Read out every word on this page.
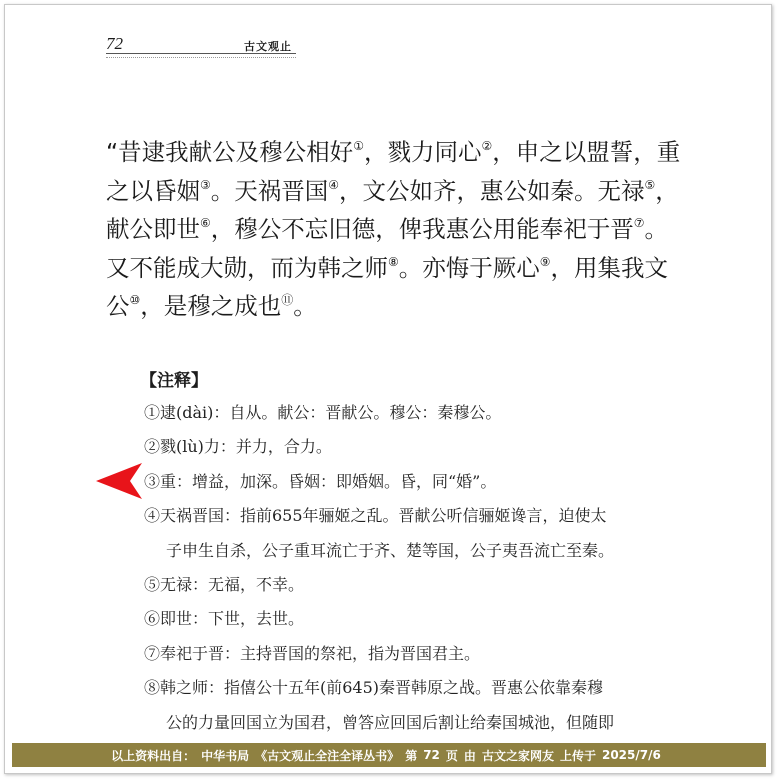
72	古文观止

“昔逮我献公及穆公相好①，戮力同心②，申之以盟誓，重之以昏姻③。天祸晋国④，文公如齐，惠公如秦。无禄⑤，献公即世⑥，穆公不忘旧德，俾我惠公用能奉祀于晋⑦。又不能成大勋，而为韩之师⑧。亦悔于厥心⑨，用集我文公⑩，是穆之成也⑪。

【注释】
①逮(dài)：自从。献公：晋献公。穆公：秦穆公。
②戮(lù)力：并力，合力。
③重：增益，加深。昏姻：即婚姻。昏，同“婚”。
④天祸晋国：指前655年骊姬之乱。晋献公听信骊姬谗言，迫使太
子申生自杀，公子重耳流亡于齐、楚等国，公子夷吾流亡至秦。
⑤无禄：无福，不幸。
⑥即世：下世，去世。
⑦奉祀于晋：主持晋国的祭祀，指为晋国君主。
⑧韩之师：指僖公十五年(前645)秦晋韩原之战。晋惠公依靠秦穆
公的力量回国立为国君，曾答应回国后割让给秦国城池，但随即
以上资料出自： 中华书局 《古文观止全注全译丛书》 第 72 页 由 古文之家网友 上传于 2025/7/6
